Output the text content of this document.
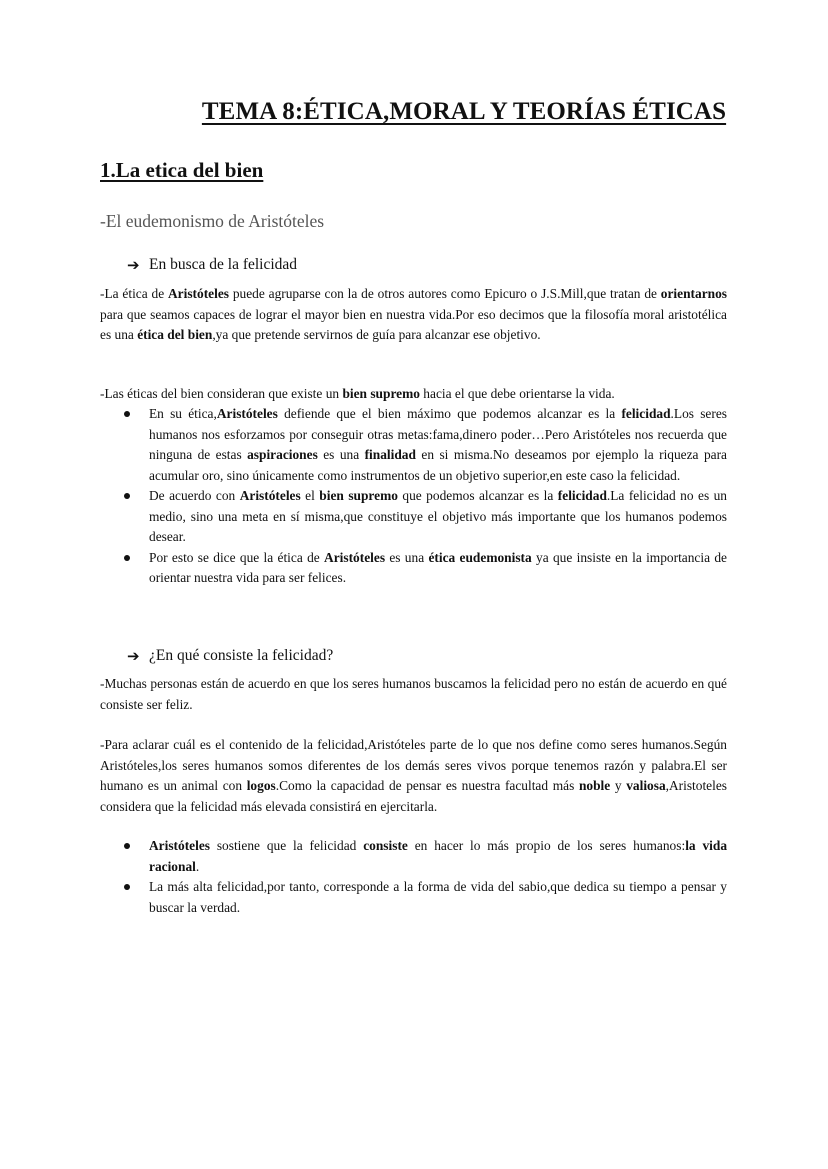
TEMA 8:ÉTICA,MORAL Y TEORÍAS ÉTICAS
1.La etica del bien
-El eudemonismo de Aristóteles
➔ En busca de la felicidad

-La ética de Aristóteles puede agruparse con la de otros autores como Epicuro o J.S.Mill,que tratan de orientarnos para que seamos capaces de lograr el mayor bien en nuestra vida.Por eso decimos que la filosofía moral aristotélica es una ética del bien,ya que pretende servirnos de guía para alcanzar ese objetivo.

-Las éticas del bien consideran que existe un bien supremo hacia el que debe orientarse la vida.

En su ética,Aristóteles defiende que el bien máximo que podemos alcanzar es la felicidad.Los seres humanos nos esforzamos por conseguir otras metas:fama,dinero poder…Pero Aristóteles nos recuerda que ninguna de estas aspiraciones es una finalidad en si misma.No deseamos por ejemplo la riqueza para acumular oro, sino únicamente como instrumentos de un objetivo superior,en este caso la felicidad.
De acuerdo con Aristóteles el bien supremo que podemos alcanzar es la felicidad.La felicidad no es un medio, sino una meta en sí misma,que constituye el objetivo más importante que los humanos podemos desear.
Por esto se dice que la ética de Aristóteles es una ética eudemonista ya que insiste en la importancia de orientar nuestra vida para ser felices.
➔ ¿En qué consiste la felicidad?

-Muchas personas están de acuerdo en que los seres humanos buscamos la felicidad pero no están de acuerdo en qué consiste ser feliz.

-Para aclarar cuál es el contenido de la felicidad,Aristóteles parte de lo que nos define como seres humanos.Según Aristóteles,los seres humanos somos diferentes de los demás seres vivos porque tenemos razón y palabra.El ser humano es un animal con logos.Como la capacidad de pensar es nuestra facultad más noble y valiosa,Aristoteles considera que la felicidad más elevada consistirá en ejercitarla.

Aristóteles sostiene que la felicidad consiste en hacer lo más propio de los seres humanos:la vida racional.
La más alta felicidad,por tanto, corresponde a la forma de vida del sabio,que dedica su tiempo a pensar y buscar la verdad.
